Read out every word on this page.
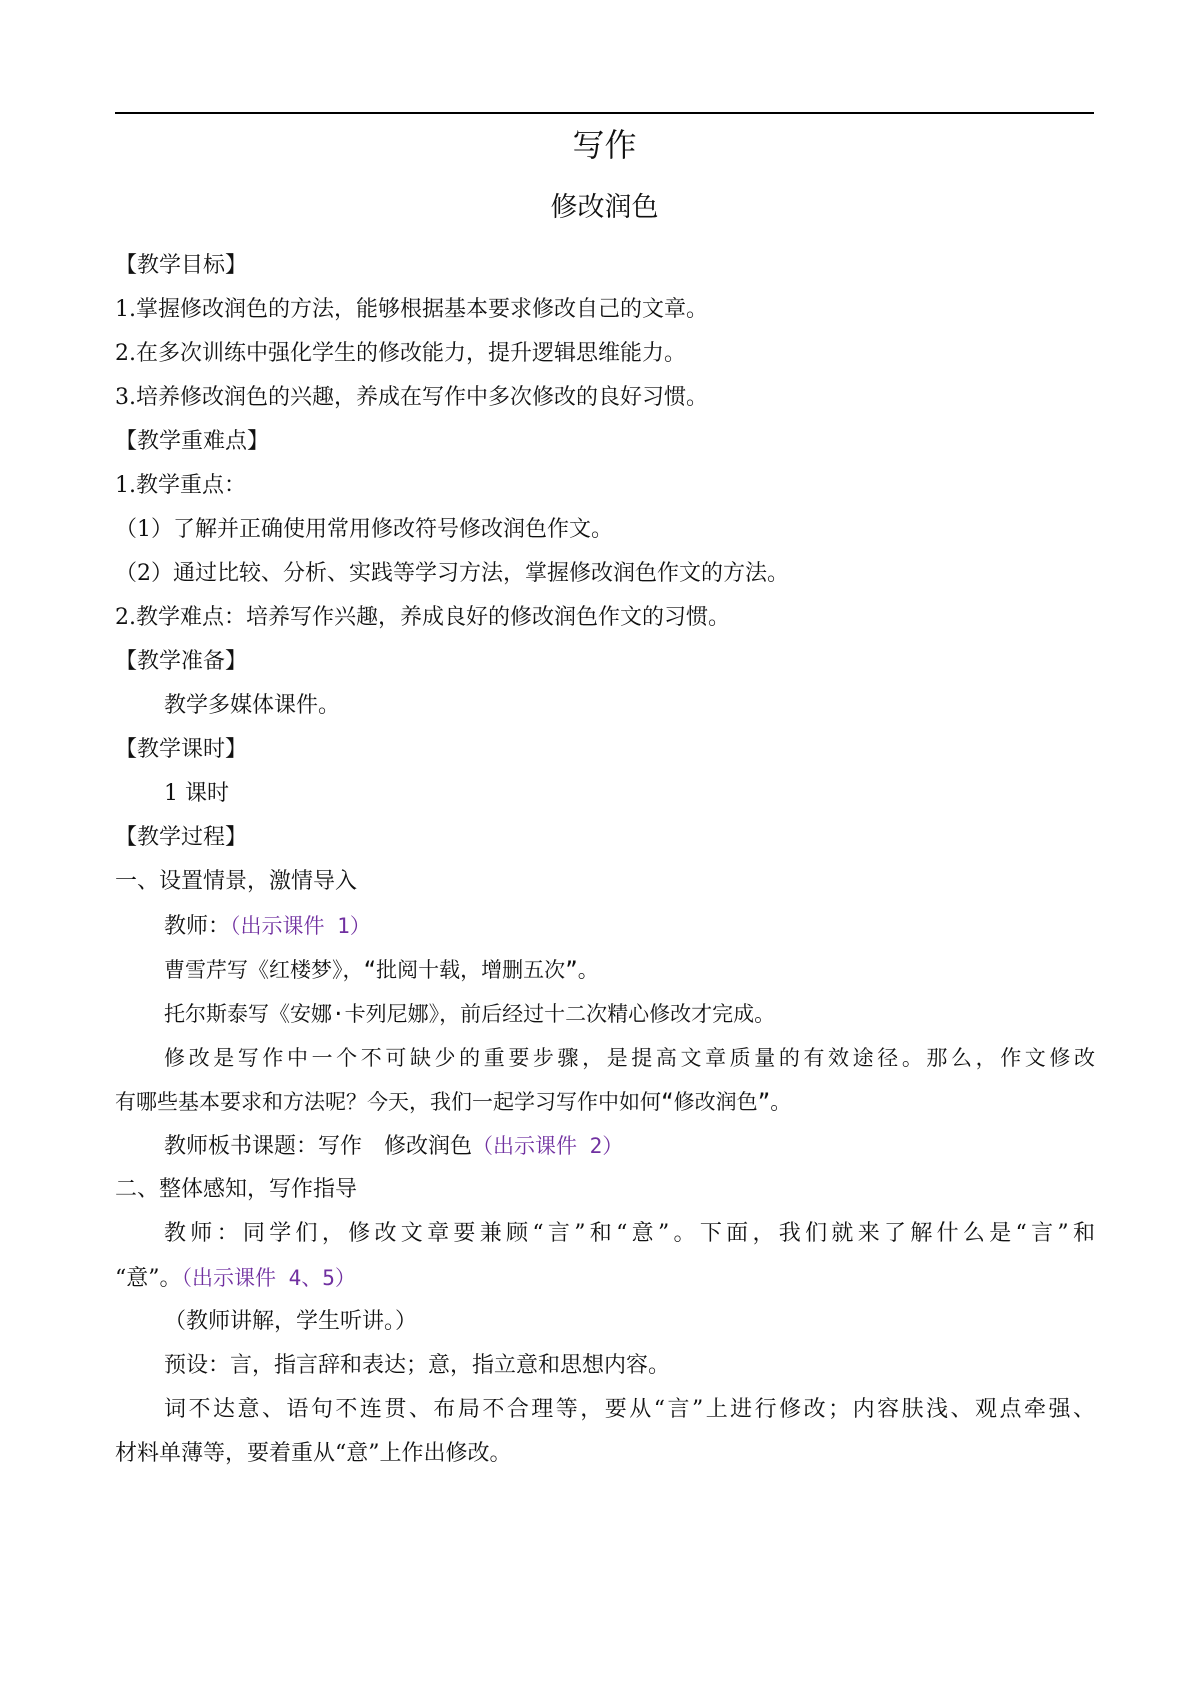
写作
修改润色
【教学目标】
1.掌握修改润色的方法，能够根据基本要求修改自己的文章。
2.在多次训练中强化学生的修改能力，提升逻辑思维能力。
3.培养修改润色的兴趣，养成在写作中多次修改的良好习惯。
【教学重难点】
1.教学重点：
（1）了解并正确使用常用修改符号修改润色作文。
（2）通过比较、分析、实践等学习方法，掌握修改润色作文的方法。
2.教学难点：培养写作兴趣，养成良好的修改润色作文的习惯。
【教学准备】
教学多媒体课件。
【教学课时】
1 课时
【教学过程】
一、设置情景，激情导入
教师：（出示课件 1）
曹雪芹写《红楼梦》，“批阅十载，增删五次”。
托尔斯泰写《安娜·卡列尼娜》，前后经过十二次精心修改才完成。
修改是写作中一个不可缺少的重要步骤，是提高文章质量的有效途径。那么，作文修改
有哪些基本要求和方法呢？今天，我们一起学习写作中如何“修改润色”。
教师板书课题：写作　修改润色（出示课件 2）
二、整体感知，写作指导
教师：同学们，修改文章要兼顾“言”和“意”。下面，我们就来了解什么是“言”和
“意”。（出示课件 4、5）
（教师讲解，学生听讲。）
预设：言，指言辞和表达；意，指立意和思想内容。
词不达意、语句不连贯、布局不合理等，要从“言”上进行修改；内容肤浅、观点牵强、
材料单薄等，要着重从“意”上作出修改。
